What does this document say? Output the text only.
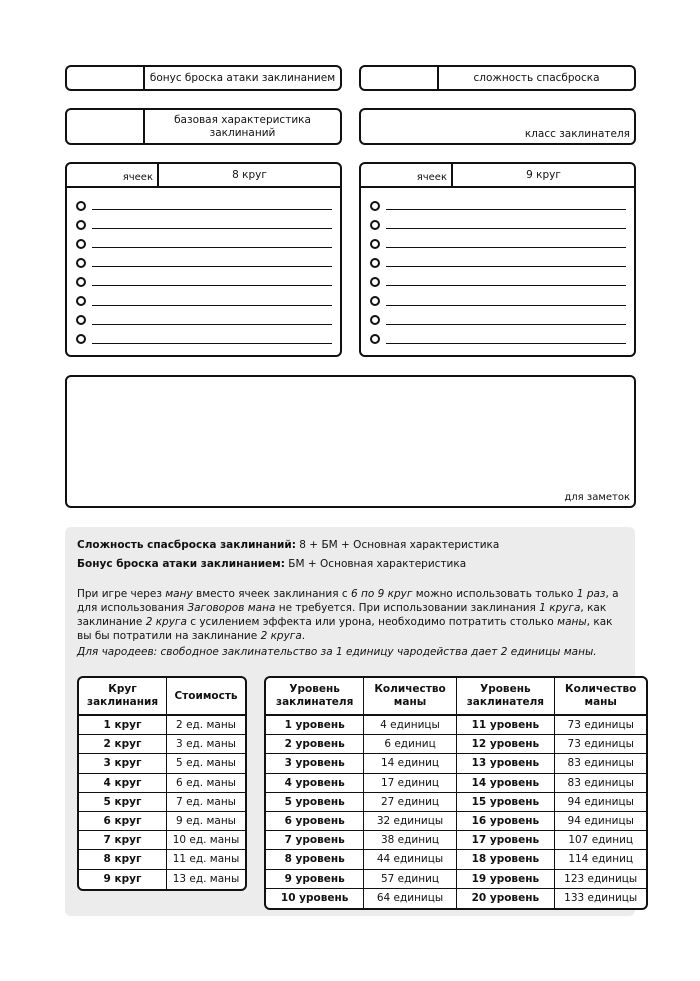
бонус броска атаки заклинанием	сложность спасброска
базовая характеристика заклинаний	класс заклинателя
ячеек	8 круг	ячеек	9 круг
для заметок

Сложность спасброска заклинаний: 8 + БМ + Основная характеристика

Бонус броска атаки заклинанием: БМ + Основная характеристика

При игре через ману вместо ячеек заклинания с 6 по 9 круг можно использовать только 1 раз, а для использования Заговоров мана не требуется. При использовании заклинания 1 круга, как заклинание 2 круга с усилением эффекта или урона, необходимо потратить столько маны, как вы бы потратили на заклинание 2 круга.

Для чародеев: свободное заклинательство за 1 единицу чародейства дает 2 единицы маны.

Круг заклинания	Стоимость
1 круг	2 ед. маны
2 круг	3 ед. маны
3 круг	5 ед. маны
4 круг	6 ед. маны
5 круг	7 ед. маны
6 круг	9 ед. маны
7 круг	10 ед. маны
8 круг	11 ед. маны
9 круг	13 ед. маны
Уровень заклинателя	Количество маны	Уровень заклинателя	Количество маны
1 уровень	4 единицы	11 уровень	73 единицы
2 уровень	6 единиц	12 уровень	73 единицы
3 уровень	14 единиц	13 уровень	83 единицы
4 уровень	17 единиц	14 уровень	83 единицы
5 уровень	27 единиц	15 уровень	94 единицы
6 уровень	32 единицы	16 уровень	94 единицы
7 уровень	38 единиц	17 уровень	107 единиц
8 уровень	44 единицы	18 уровень	114 единиц
9 уровень	57 единиц	19 уровень	123 единицы
10 уровень	64 единицы	20 уровень	133 единицы
